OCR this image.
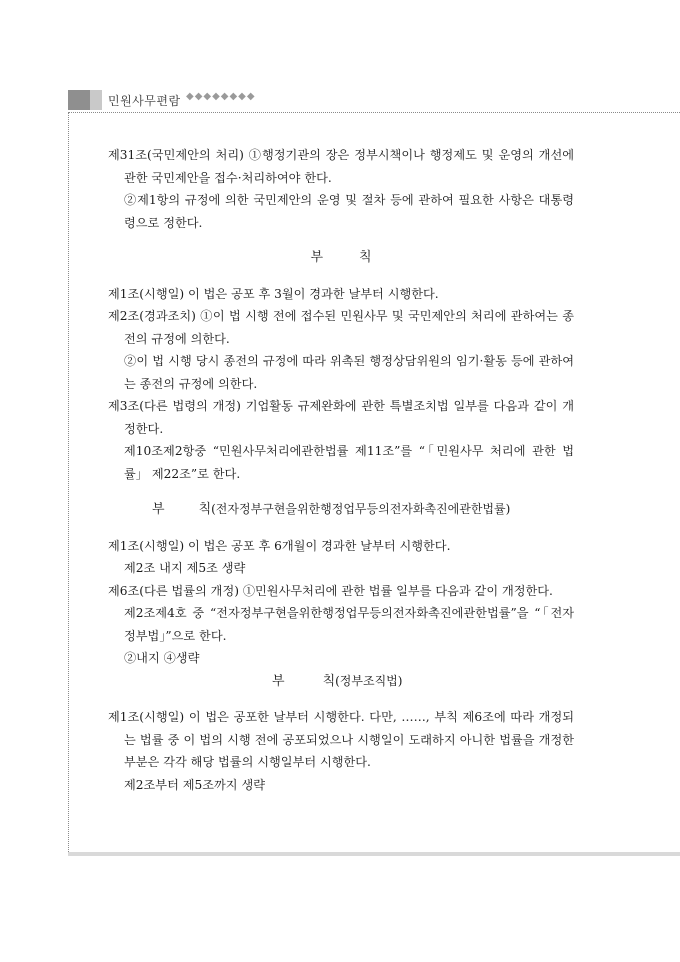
민원사무편람 ◆◆◆◆◆◆◆◆

제31조(국민제안의 처리) ①행정기관의 장은 정부시책이나 행정제도 및 운영의 개선에 관한 국민제안을 접수·처리하여야 한다.

②제1항의 규정에 의한 국민제안의 운영 및 절차 등에 관하여 필요한 사항은 대통령령으로 정한다.

부	칙

제1조(시행일) 이 법은 공포 후 3월이 경과한 날부터 시행한다.

제2조(경과조치) ①이 법 시행 전에 접수된 민원사무 및 국민제안의 처리에 관하여는 종전의 규정에 의한다.

②이 법 시행 당시 종전의 규정에 따라 위촉된 행정상담위원의 임기·활동 등에 관하여는 종전의 규정에 의한다.

제3조(다른 법령의 개정) 기업활동 규제완화에 관한 특별조치법 일부를 다음과 같이 개정한다.

제10조제2항중 “민원사무처리에관한법률 제11조”를 “「민원사무 처리에 관한 법률」 제22조”로 한다.

부	칙(전자정부구현을위한행정업무등의전자화촉진에관한법률)

제1조(시행일) 이 법은 공포 후 6개월이 경과한 날부터 시행한다.

제2조 내지 제5조 생략

제6조(다른 법률의 개정) ①민원사무처리에 관한 법률 일부를 다음과 같이 개정한다.

제2조제4호 중 “전자정부구현을위한행정업무등의전자화촉진에관한법률”을 “「전자정부법」”으로 한다.

②내지 ④생략

부	칙(정부조직법)

제1조(시행일) 이 법은 공포한 날부터 시행한다. 다만, ……, 부칙 제6조에 따라 개정되는 법률 중 이 법의 시행 전에 공포되었으나 시행일이 도래하지 아니한 법률을 개정한 부분은 각각 해당 법률의 시행일부터 시행한다.

제2조부터 제5조까지 생략
